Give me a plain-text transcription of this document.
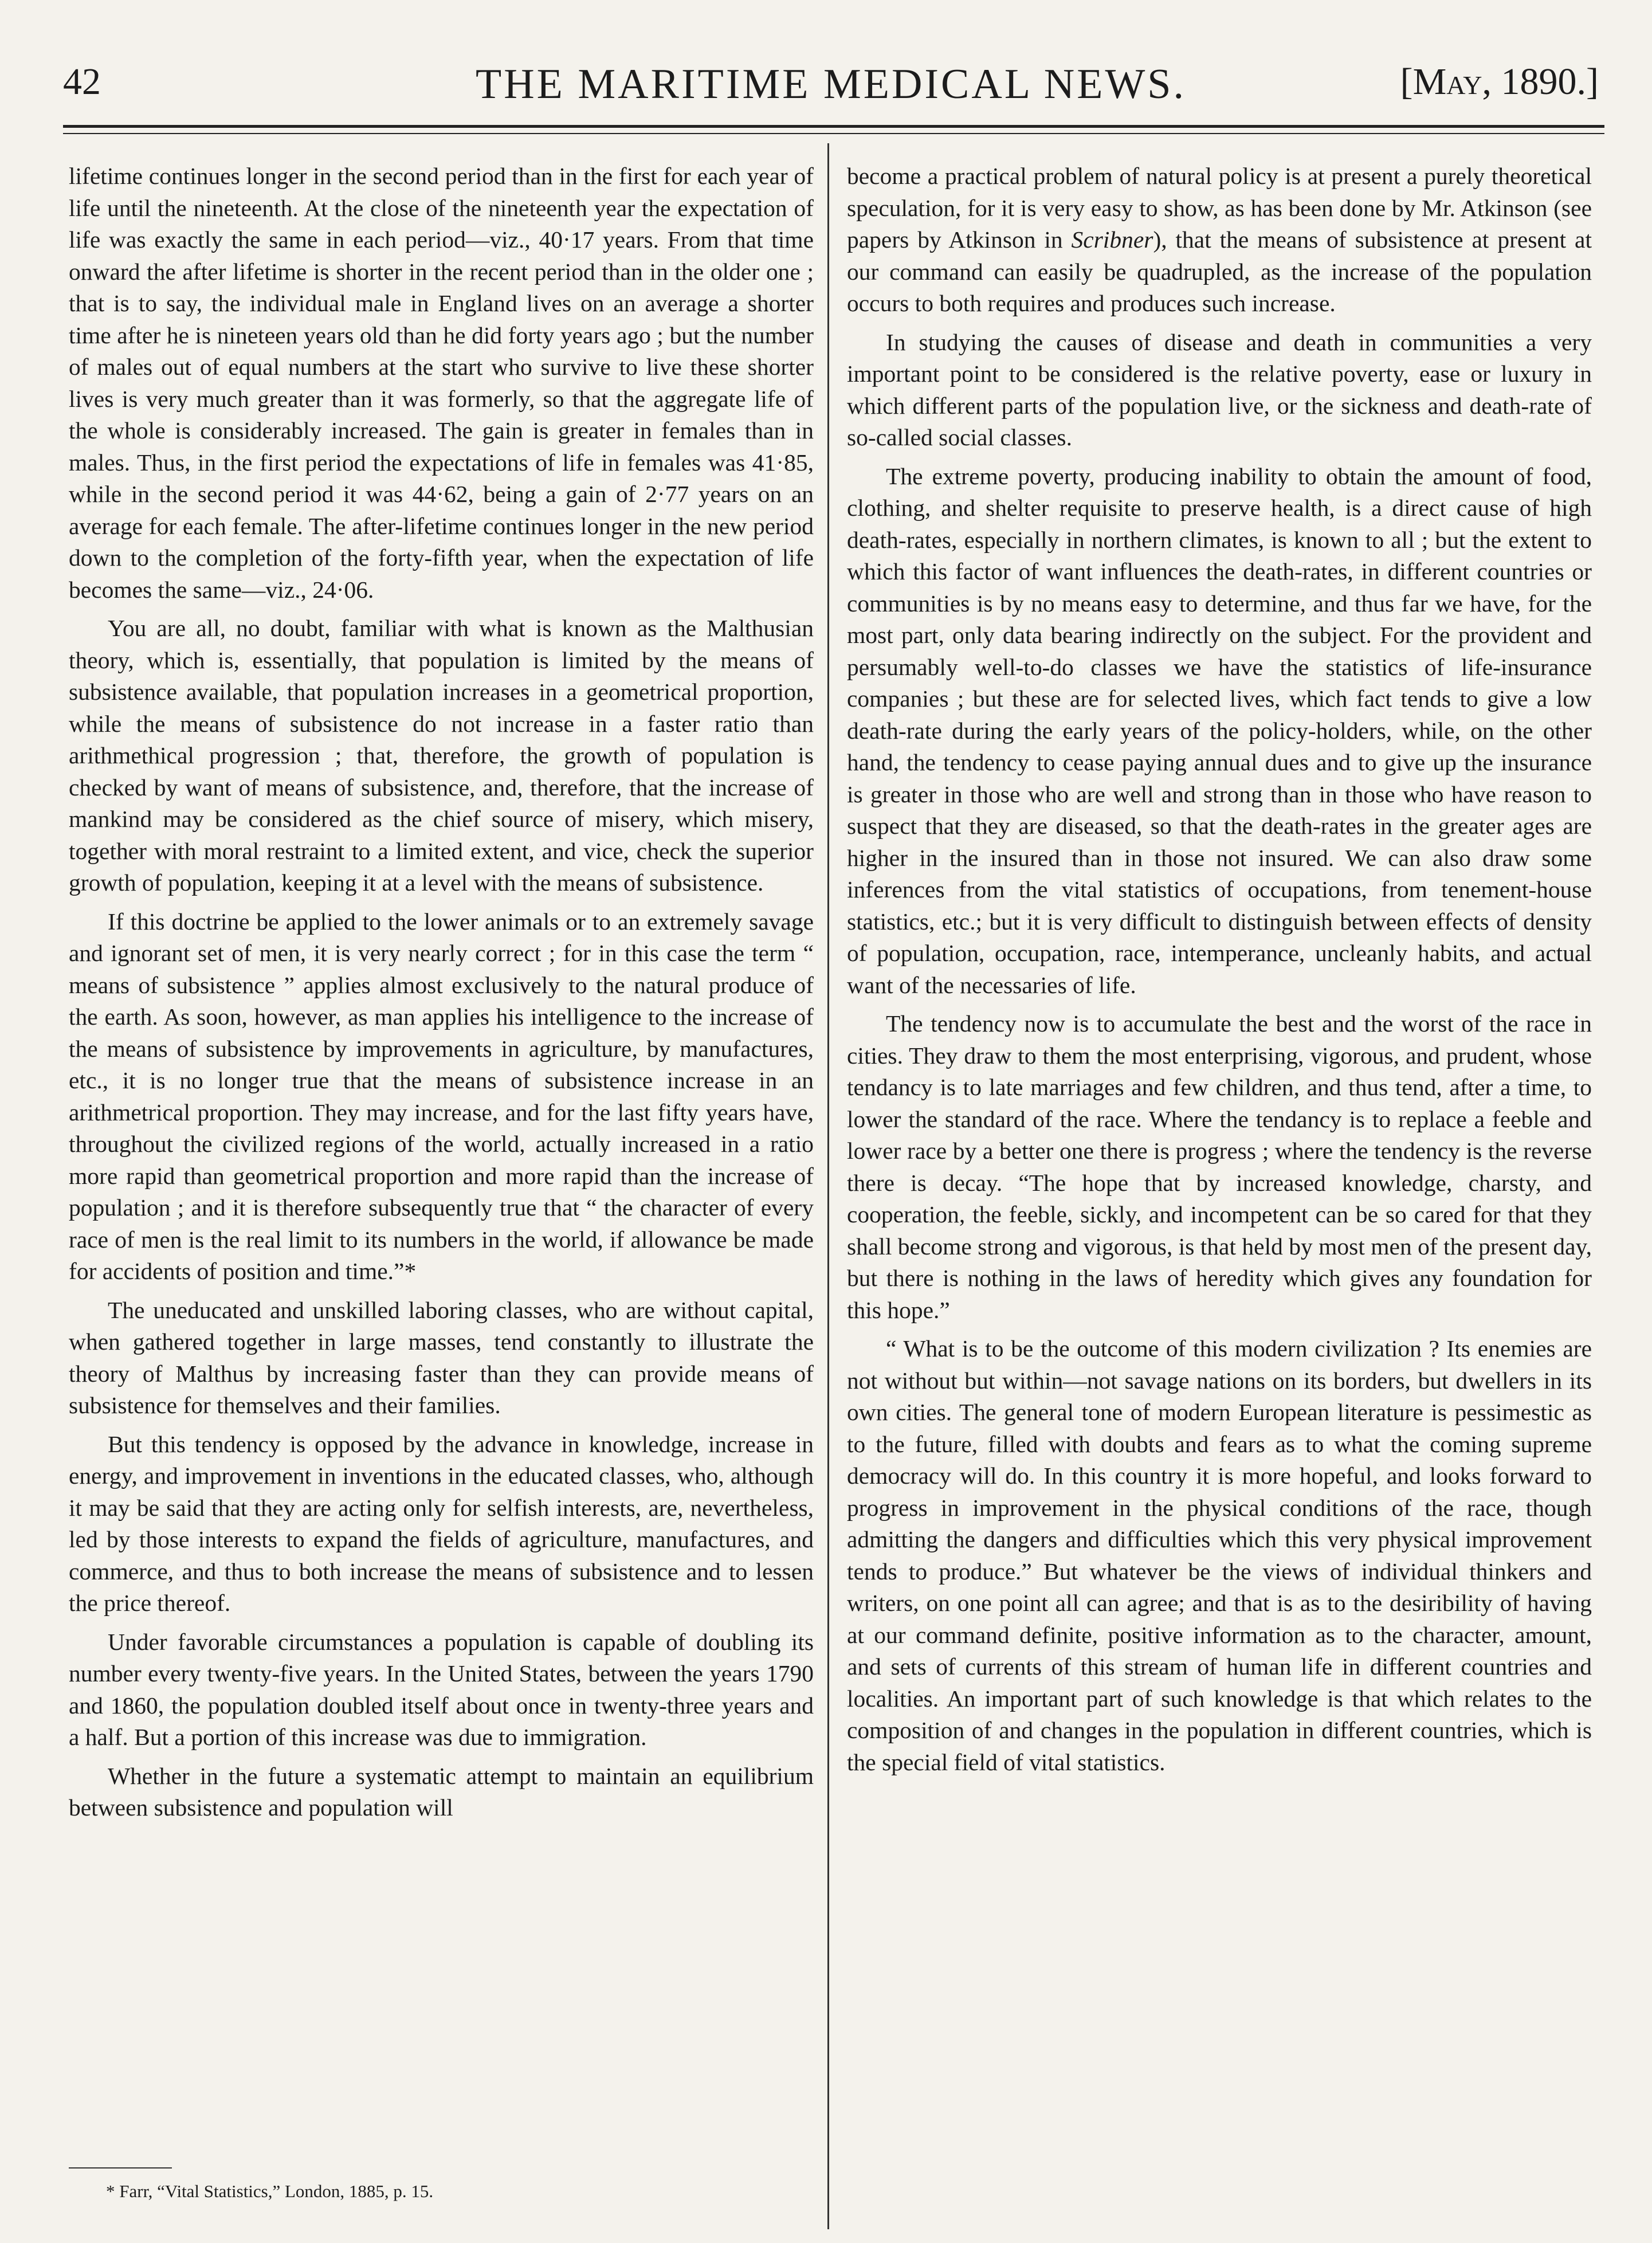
42	THE MARITIME MEDICAL NEWS.	[May, 1890.]

lifetime continues longer in the second period than in the first for each year of life until the nineteenth. At the close of the nineteenth year the expectation of life was exactly the same in each period—viz., 40·17 years. From that time onward the after lifetime is shorter in the recent period than in the older one ; that is to say, the individual male in England lives on an average a shorter time after he is nineteen years old than he did forty years ago ; but the number of males out of equal numbers at the start who survive to live these shorter lives is very much greater than it was formerly, so that the aggregate life of the whole is considerably increased. The gain is greater in females than in males. Thus, in the first period the expectations of life in females was 41·85, while in the second period it was 44·62, being a gain of 2·77 years on an average for each female. The after-lifetime continues longer in the new period down to the completion of the forty-fifth year, when the expectation of life becomes the same—viz., 24·06.

You are all, no doubt, familiar with what is known as the Malthusian theory, which is, essentially, that population is limited by the means of subsistence available, that population increases in a geometrical proportion, while the means of subsistence do not increase in a faster ratio than arithmethical progression ; that, therefore, the growth of population is checked by want of means of subsistence, and, therefore, that the increase of mankind may be considered as the chief source of misery, which misery, together with moral restraint to a limited extent, and vice, check the superior growth of population, keeping it at a level with the means of subsistence.

If this doctrine be applied to the lower animals or to an extremely savage and ignorant set of men, it is very nearly correct ; for in this case the term “ means of subsistence ” applies almost exclusively to the natural produce of the earth. As soon, however, as man applies his intelligence to the increase of the means of subsistence by improvements in agriculture, by manufactures, etc., it is no longer true that the means of subsistence increase in an arithmetrical proportion. They may increase, and for the last fifty years have, throughout the civilized regions of the world, actually increased in a ratio more rapid than geometrical proportion and more rapid than the increase of population ; and it is therefore subsequently true that “ the character of every race of men is the real limit to its numbers in the world, if allowance be made for accidents of position and time.”*

The uneducated and unskilled laboring classes, who are without capital, when gathered together in large masses, tend constantly to illustrate the theory of Malthus by increasing faster than they can provide means of subsistence for themselves and their families.

But this tendency is opposed by the advance in knowledge, increase in energy, and improvement in inventions in the educated classes, who, although it may be said that they are acting only for selfish interests, are, nevertheless, led by those interests to expand the fields of agriculture, manufactures, and commerce, and thus to both increase the means of subsistence and to lessen the price thereof.

Under favorable circumstances a population is capable of doubling its number every twenty-five years. In the United States, between the years 1790 and 1860, the population doubled itself about once in twenty-three years and a half. But a portion of this increase was due to immigration.

Whether in the future a systematic attempt to maintain an equilibrium between subsistence and population will

become a practical problem of natural policy is at present a purely theoretical speculation, for it is very easy to show, as has been done by Mr. Atkinson (see papers by Atkinson in Scribner), that the means of subsistence at present at our command can easily be quadrupled, as the increase of the population occurs to both requires and produces such increase.

In studying the causes of disease and death in communities a very important point to be considered is the relative poverty, ease or luxury in which different parts of the population live, or the sickness and death-rate of so-called social classes.

The extreme poverty, producing inability to obtain the amount of food, clothing, and shelter requisite to preserve health, is a direct cause of high death-rates, especially in northern climates, is known to all ; but the extent to which this factor of want influences the death-rates, in different countries or communities is by no means easy to determine, and thus far we have, for the most part, only data bearing indirectly on the subject. For the provident and persumably well-to-do classes we have the statistics of life-insurance companies ; but these are for selected lives, which fact tends to give a low death-rate during the early years of the policy-holders, while, on the other hand, the tendency to cease paying annual dues and to give up the insurance is greater in those who are well and strong than in those who have reason to suspect that they are diseased, so that the death-rates in the greater ages are higher in the insured than in those not insured. We can also draw some inferences from the vital statistics of occupations, from tenement-house statistics, etc.; but it is very difficult to distinguish between effects of density of population, occupation, race, intemperance, uncleanly habits, and actual want of the necessaries of life.

The tendency now is to accumulate the best and the worst of the race in cities. They draw to them the most enterprising, vigorous, and prudent, whose tendancy is to late marriages and few children, and thus tend, after a time, to lower the standard of the race. Where the tendancy is to replace a feeble and lower race by a better one there is progress ; where the tendency is the reverse there is decay. “The hope that by increased knowledge, charsty, and cooperation, the feeble, sickly, and incompetent can be so cared for that they shall become strong and vigorous, is that held by most men of the present day, but there is nothing in the laws of heredity which gives any foundation for this hope.”

“ What is to be the outcome of this modern civilization ? Its enemies are not without but within—not savage nations on its borders, but dwellers in its own cities. The general tone of modern European literature is pessimestic as to the future, filled with doubts and fears as to what the coming supreme democracy will do. In this country it is more hopeful, and looks forward to progress in improvement in the physical conditions of the race, though admitting the dangers and difficulties which this very physical improvement tends to produce.” But whatever be the views of individual thinkers and writers, on one point all can agree; and that is as to the desiribility of having at our command definite, positive information as to the character, amount, and sets of currents of this stream of human life in different countries and localities. An important part of such knowledge is that which relates to the composition of and changes in the population in different countries, which is the special field of vital statistics.

* Farr, “Vital Statistics,” London, 1885, p. 15.
